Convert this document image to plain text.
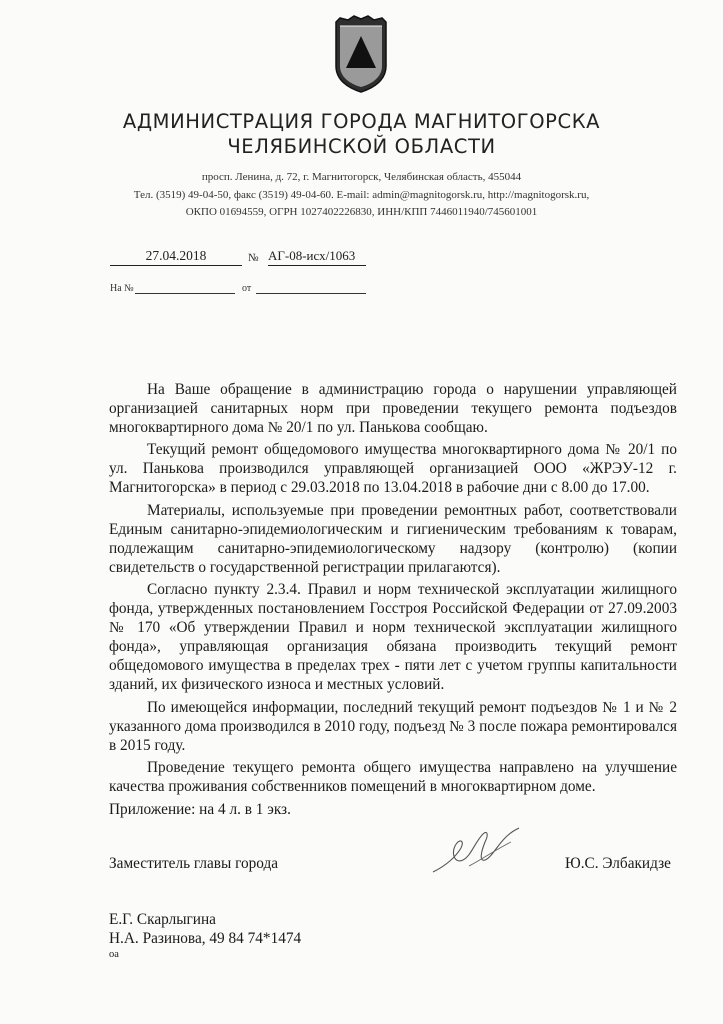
АДМИНИСТРАЦИЯ ГОРОДА МАГНИТОГОРСКА
ЧЕЛЯБИНСКОЙ ОБЛАСТИ
просп. Ленина, д. 72, г. Магнитогорск, Челябинская область, 455044
Тел. (3519) 49-04-50, факс (3519) 49-04-60. E-mail: admin@magnitogorsk.ru, http://magnitogorsk.ru,
ОКПО 01694559, ОГРН 1027402226830, ИНН/КПП 7446011940/745601001
27.04.2018	№ АГ-08-исх/1063
На №	от

На Ваше обращение в администрацию города о нарушении управляющей организацией санитарных норм при проведении текущего ремонта подъездов многоквартирного дома № 20/1 по ул. Панькова сообщаю.

Текущий ремонт общедомового имущества многоквартирного дома № 20/1 по ул. Панькова производился управляющей организацией ООО «ЖРЭУ-12 г. Магнитогорска» в период с 29.03.2018 по 13.04.2018 в рабочие дни с 8.00 до 17.00.

Материалы, используемые при проведении ремонтных работ, соответствовали Единым санитарно-эпидемиологическим и гигиеническим требованиям к товарам, подлежащим санитарно-эпидемиологическому надзору (контролю) (копии свидетельств о государственной регистрации прилагаются).

Согласно пункту 2.3.4. Правил и норм технической эксплуатации жилищного фонда, утвержденных постановлением Госстроя Российской Федерации от 27.09.2003 № 170 «Об утверждении Правил и норм технической эксплуатации жилищного фонда», управляющая организация обязана производить текущий ремонт общедомового имущества в пределах трех - пяти лет с учетом группы капитальности зданий, их физического износа и местных условий.

По имеющейся информации, последний текущий ремонт подъездов № 1 и № 2 указанного дома производился в 2010 году, подъезд № 3 после пожара ремонтировался в 2015 году.

Проведение текущего ремонта общего имущества направлено на улучшение качества проживания собственников помещений в многоквартирном доме.

Приложение: на 4 л. в 1 экз.
Заместитель главы города	Ю.С. Элбакидзе
Е.Г. Скарлыгина
Н.А. Разинова, 49 84 74*1474
оа
